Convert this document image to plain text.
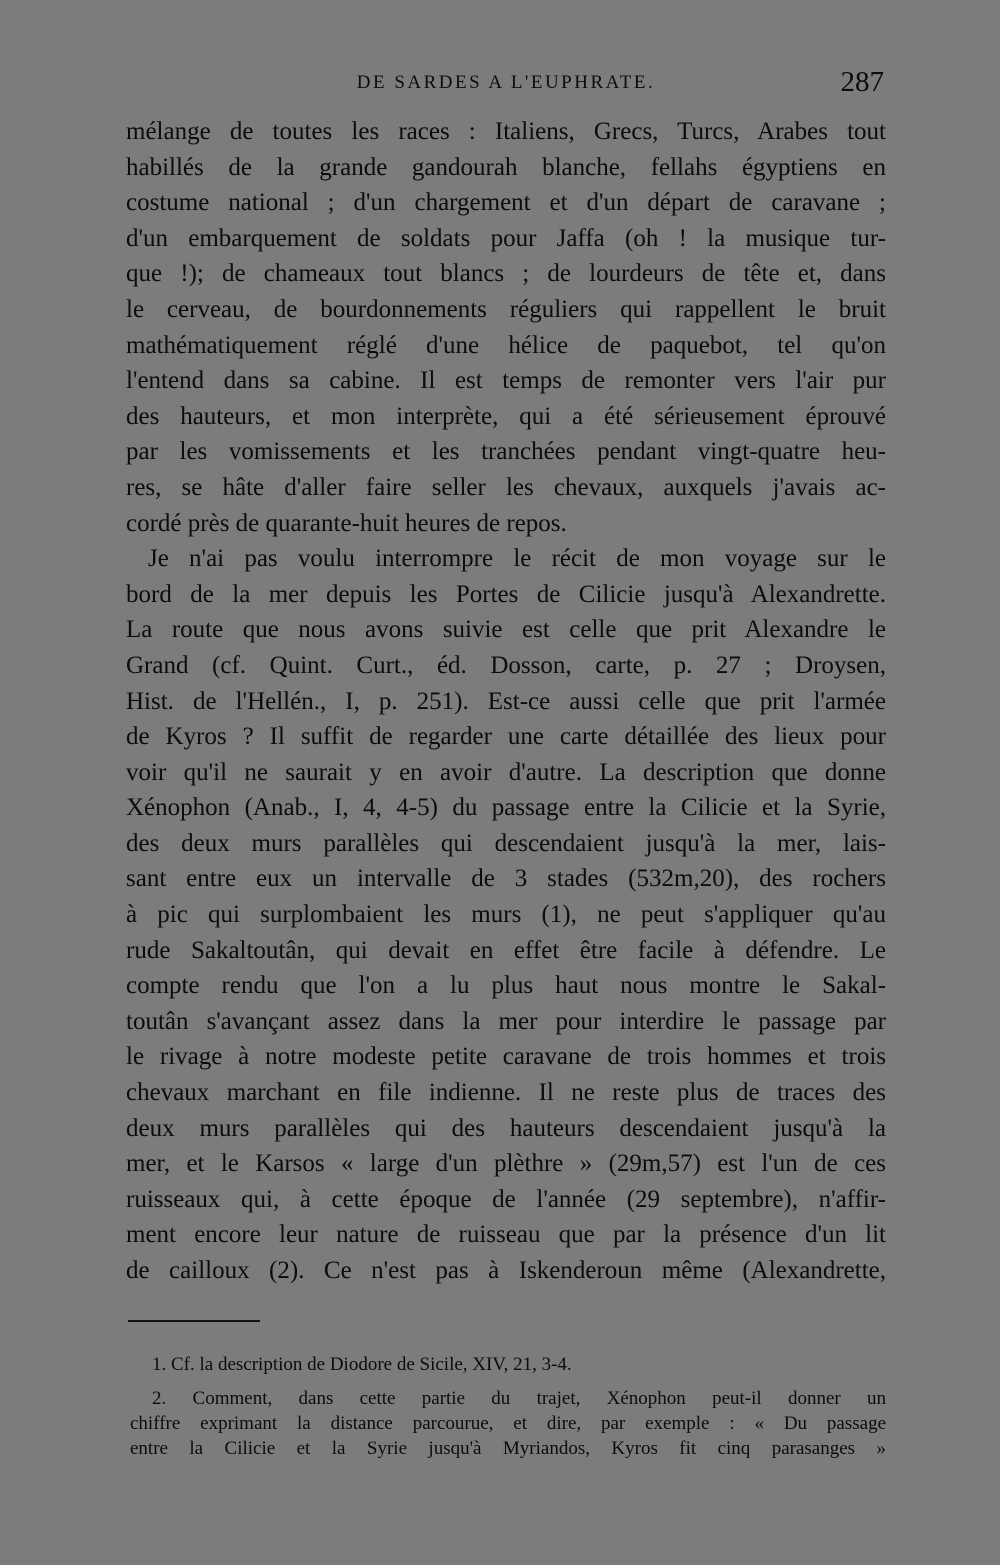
DE SARDES A L'EUPHRATE.	287
mélange de toutes les races : Italiens, Grecs, Turcs, Arabes tout
habillés de la grande gandourah blanche, fellahs égyptiens en
costume national ; d'un chargement et d'un départ de caravane ;
d'un embarquement de soldats pour Jaffa (oh ! la musique tur-
que !); de chameaux tout blancs ; de lourdeurs de tête et, dans
le cerveau, de bourdonnements réguliers qui rappellent le bruit
mathématiquement réglé d'une hélice de paquebot, tel qu'on
l'entend dans sa cabine. Il est temps de remonter vers l'air pur
des hauteurs, et mon interprète, qui a été sérieusement éprouvé
par les vomissements et les tranchées pendant vingt-quatre heu-
res, se hâte d'aller faire seller les chevaux, auxquels j'avais ac-
cordé près de quarante-huit heures de repos.
Je n'ai pas voulu interrompre le récit de mon voyage sur le
bord de la mer depuis les Portes de Cilicie jusqu'à Alexandrette.
La route que nous avons suivie est celle que prit Alexandre le
Grand (cf. Quint. Curt., éd. Dosson, carte, p. 27 ; Droysen,
Hist. de l'Hellén., I, p. 251). Est-ce aussi celle que prit l'armée
de Kyros ? Il suffit de regarder une carte détaillée des lieux pour
voir qu'il ne saurait y en avoir d'autre. La description que donne
Xénophon (Anab., I, 4, 4-5) du passage entre la Cilicie et la Syrie,
des deux murs parallèles qui descendaient jusqu'à la mer, lais-
sant entre eux un intervalle de 3 stades (532m,20), des rochers
à pic qui surplombaient les murs (1), ne peut s'appliquer qu'au
rude Sakaltoutân, qui devait en effet être facile à défendre. Le
compte rendu que l'on a lu plus haut nous montre le Sakal-
toutân s'avançant assez dans la mer pour interdire le passage par
le rivage à notre modeste petite caravane de trois hommes et trois
chevaux marchant en file indienne. Il ne reste plus de traces des
deux murs parallèles qui des hauteurs descendaient jusqu'à la
mer, et le Karsos « large d'un plèthre » (29m,57) est l'un de ces
ruisseaux qui, à cette époque de l'année (29 septembre), n'affir-
ment encore leur nature de ruisseau que par la présence d'un lit
de cailloux (2). Ce n'est pas à Iskenderoun même (Alexandrette,
1. Cf. la description de Diodore de Sicile, XIV, 21, 3-4.
2. Comment, dans cette partie du trajet, Xénophon peut-il donner un
chiffre exprimant la distance parcourue, et dire, par exemple : « Du passage
entre la Cilicie et la Syrie jusqu'à Myriandos, Kyros fit cinq parasanges »
